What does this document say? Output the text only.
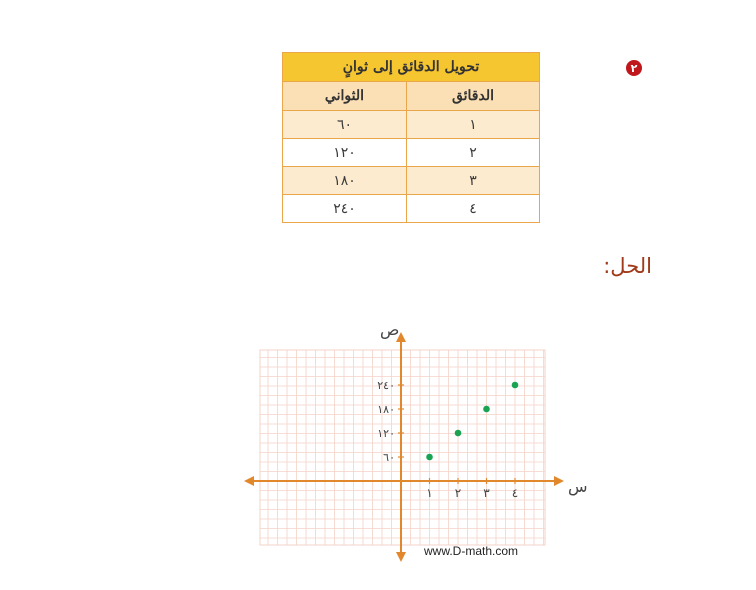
٢
تحويل الدقائق إلى ثوانٍ	
الدقائق	الثواني
١	٦٠
٢	١٢٠
٣	١٨٠
٤	٢٤٠
الحل:
س
ص
١ ٢ ٣ ٤
٦٠
١٢٠
١٨٠
٢٤٠
www.D-math.com
